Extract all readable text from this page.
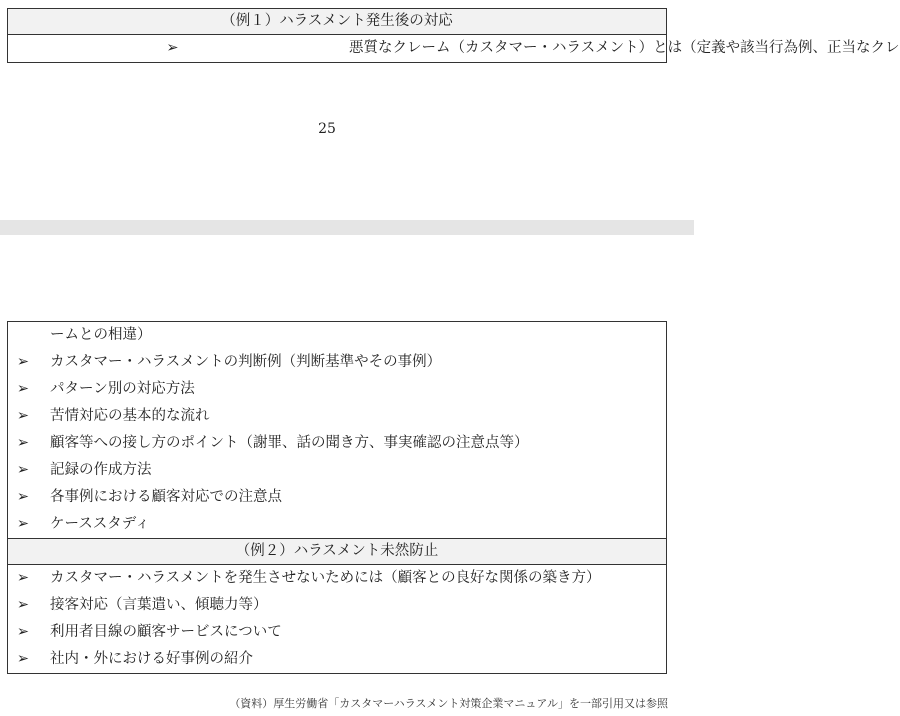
（例１）ハラスメント発生後の対応
➢	悪質なクレーム（カスタマー・ハラスメント）とは（定義や該当行為例、正当なクレ
25
	ームとの相違）
➢	カスタマー・ハラスメントの判断例（判断基準やその事例）
➢	パターン別の対応方法
➢	苦情対応の基本的な流れ
➢	顧客等への接し方のポイント（謝罪、話の聞き方、事実確認の注意点等）
➢	記録の作成方法
➢	各事例における顧客対応での注意点
➢	ケーススタディ
（例２）ハラスメント未然防止	
➢	カスタマー・ハラスメントを発生させないためには（顧客との良好な関係の築き方）
➢	接客対応（言葉遣い、傾聴力等）
➢	利用者目線の顧客サービスについて
➢	社内・外における好事例の紹介
（資料）厚生労働省「カスタマーハラスメント対策企業マニュアル」を一部引用又は参照
